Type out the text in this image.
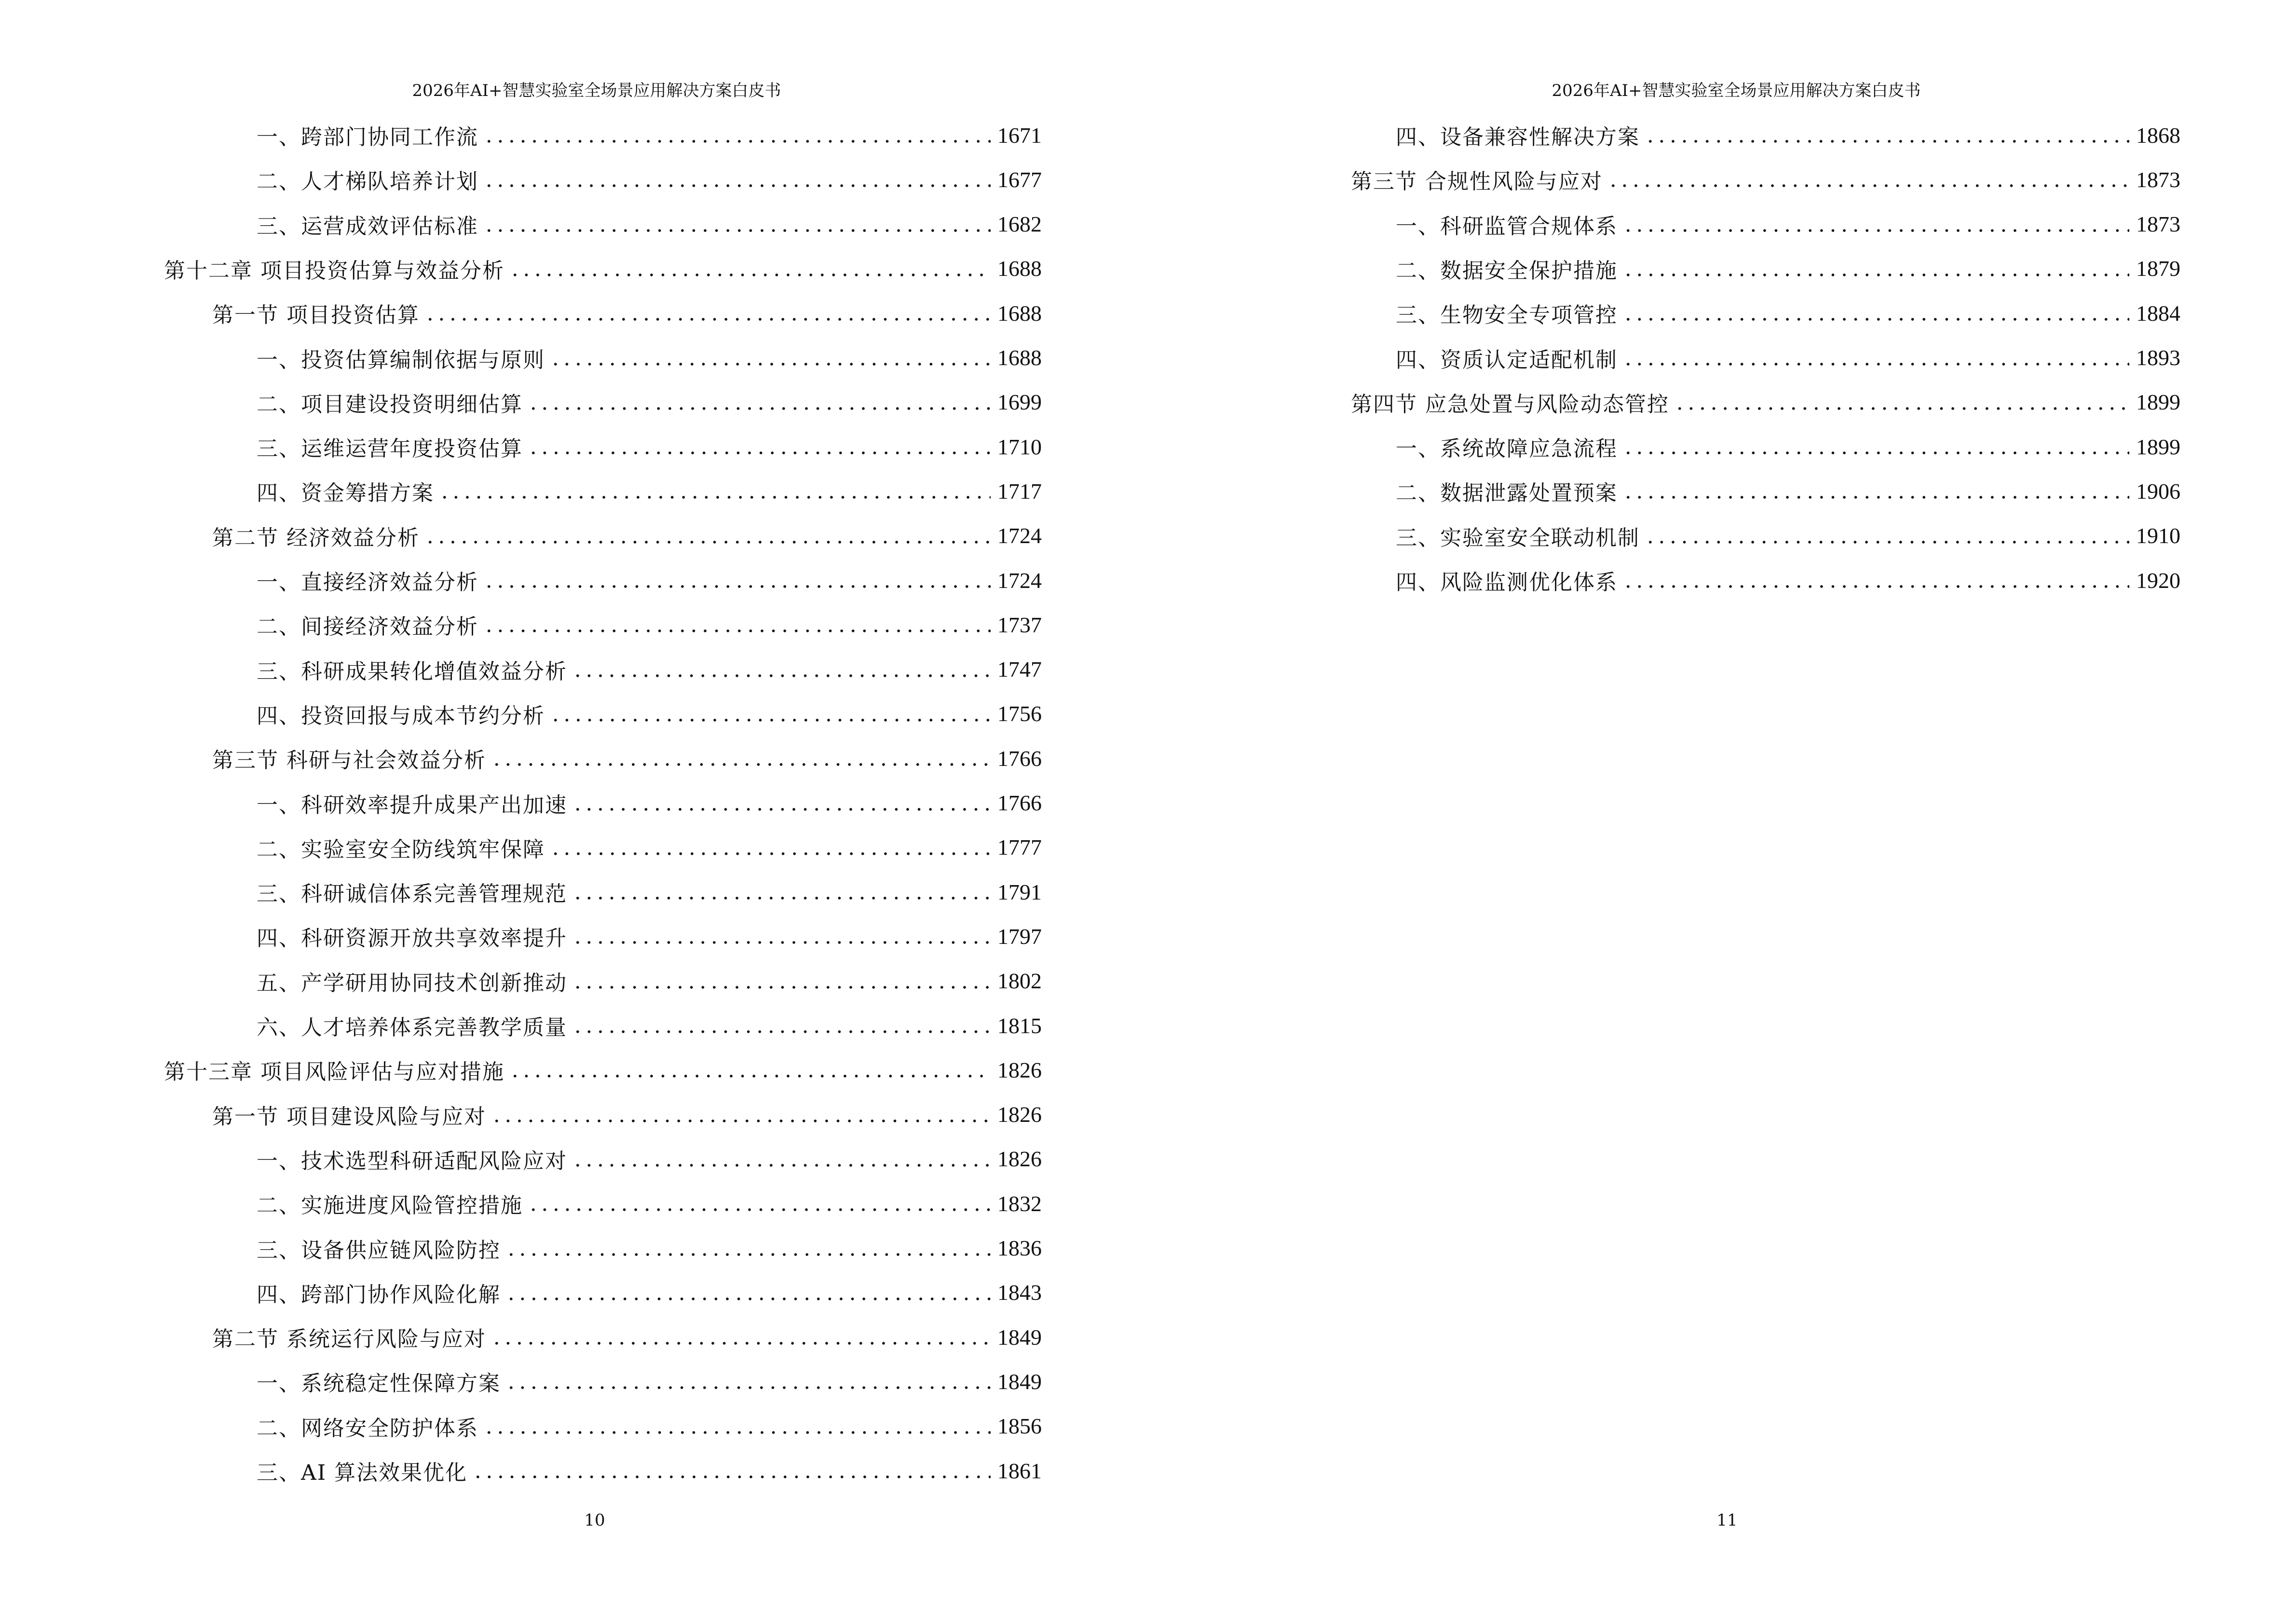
2026年AI+智慧实验室全场景应用解决方案白皮书
一、跨部门协同工作流	1671
二、人才梯队培养计划	1677
三、运营成效评估标准	1682
第十二章 项目投资估算与效益分析	1688
第一节 项目投资估算	1688
一、投资估算编制依据与原则	1688
二、项目建设投资明细估算	1699
三、运维运营年度投资估算	1710
四、资金筹措方案	1717
第二节 经济效益分析	1724
一、直接经济效益分析	1724
二、间接经济效益分析	1737
三、科研成果转化增值效益分析	1747
四、投资回报与成本节约分析	1756
第三节 科研与社会效益分析	1766
一、科研效率提升成果产出加速	1766
二、实验室安全防线筑牢保障	1777
三、科研诚信体系完善管理规范	1791
四、科研资源开放共享效率提升	1797
五、产学研用协同技术创新推动	1802
六、人才培养体系完善教学质量	1815
第十三章 项目风险评估与应对措施	1826
第一节 项目建设风险与应对	1826
一、技术选型科研适配风险应对	1826
二、实施进度风险管控措施	1832
三、设备供应链风险防控	1836
四、跨部门协作风险化解	1843
第二节 系统运行风险与应对	1849
一、系统稳定性保障方案	1849
二、网络安全防护体系	1856
三、AI 算法效果优化	1861
10
2026年AI+智慧实验室全场景应用解决方案白皮书
四、设备兼容性解决方案	1868
第三节 合规性风险与应对	1873
一、科研监管合规体系	1873
二、数据安全保护措施	1879
三、生物安全专项管控	1884
四、资质认定适配机制	1893
第四节 应急处置与风险动态管控	1899
一、系统故障应急流程	1899
二、数据泄露处置预案	1906
三、实验室安全联动机制	1910
四、风险监测优化体系	1920
11
